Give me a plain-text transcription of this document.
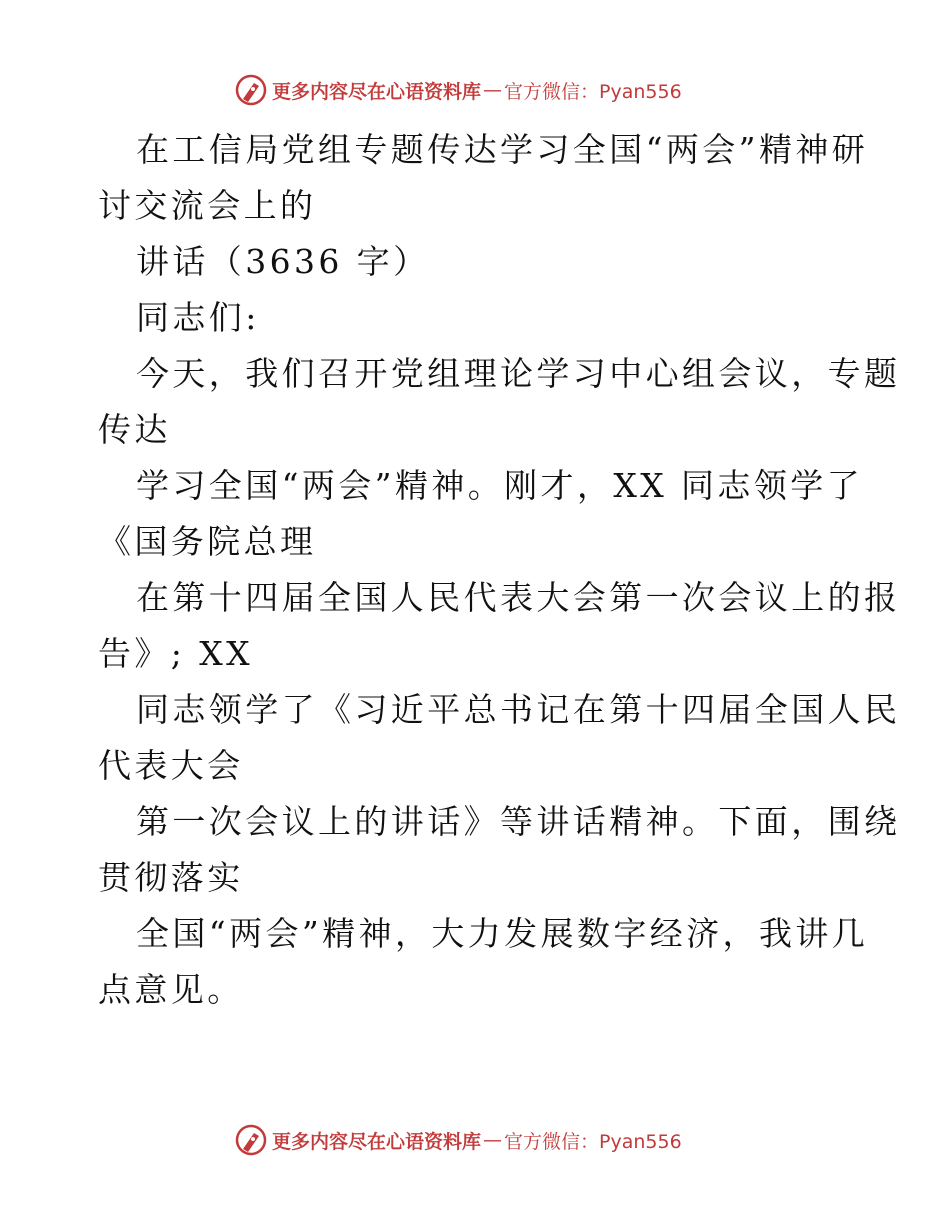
更多内容尽在心语资料库 — 官方微信：Pyan556
在工信局党组专题传达学习全国“两会”精神研
讨交流会上的
讲话（3636 字）
同志们:
今天，我们召开党组理论学习中心组会议，专题
传达
学习全国“两会”精神。刚才，XX 同志领学了
《国务院总理
在第十四届全国人民代表大会第一次会议上的报
告》; XX
同志领学了《习近平总书记在第十四届全国人民
代表大会
第一次会议上的讲话》等讲话精神。下面，围绕
贯彻落实
全国“两会”精神，大力发展数字经济，我讲几
点意见。
更多内容尽在心语资料库 — 官方微信：Pyan556
